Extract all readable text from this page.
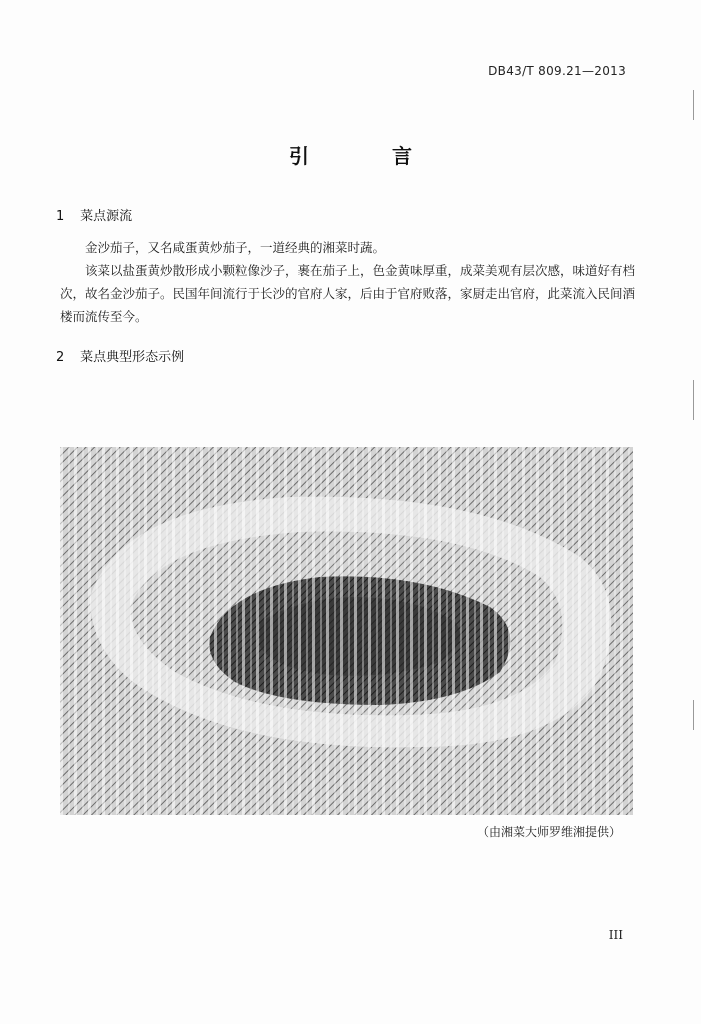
DB43/T 809.21—2013
引 言
1 菜点源流
金沙茄子，又名咸蛋黄炒茄子，一道经典的湘菜时蔬。
该菜以盐蛋黄炒散形成小颗粒像沙子，裹在茄子上，色金黄味厚重，成菜美观有层次感，味道好有档次，故名金沙茄子。民国年间流行于长沙的官府人家，后由于官府败落，家厨走出官府，此菜流入民间酒楼而流传至今。
2 菜点典型形态示例
（由湘菜大师罗维湘提供）
III
